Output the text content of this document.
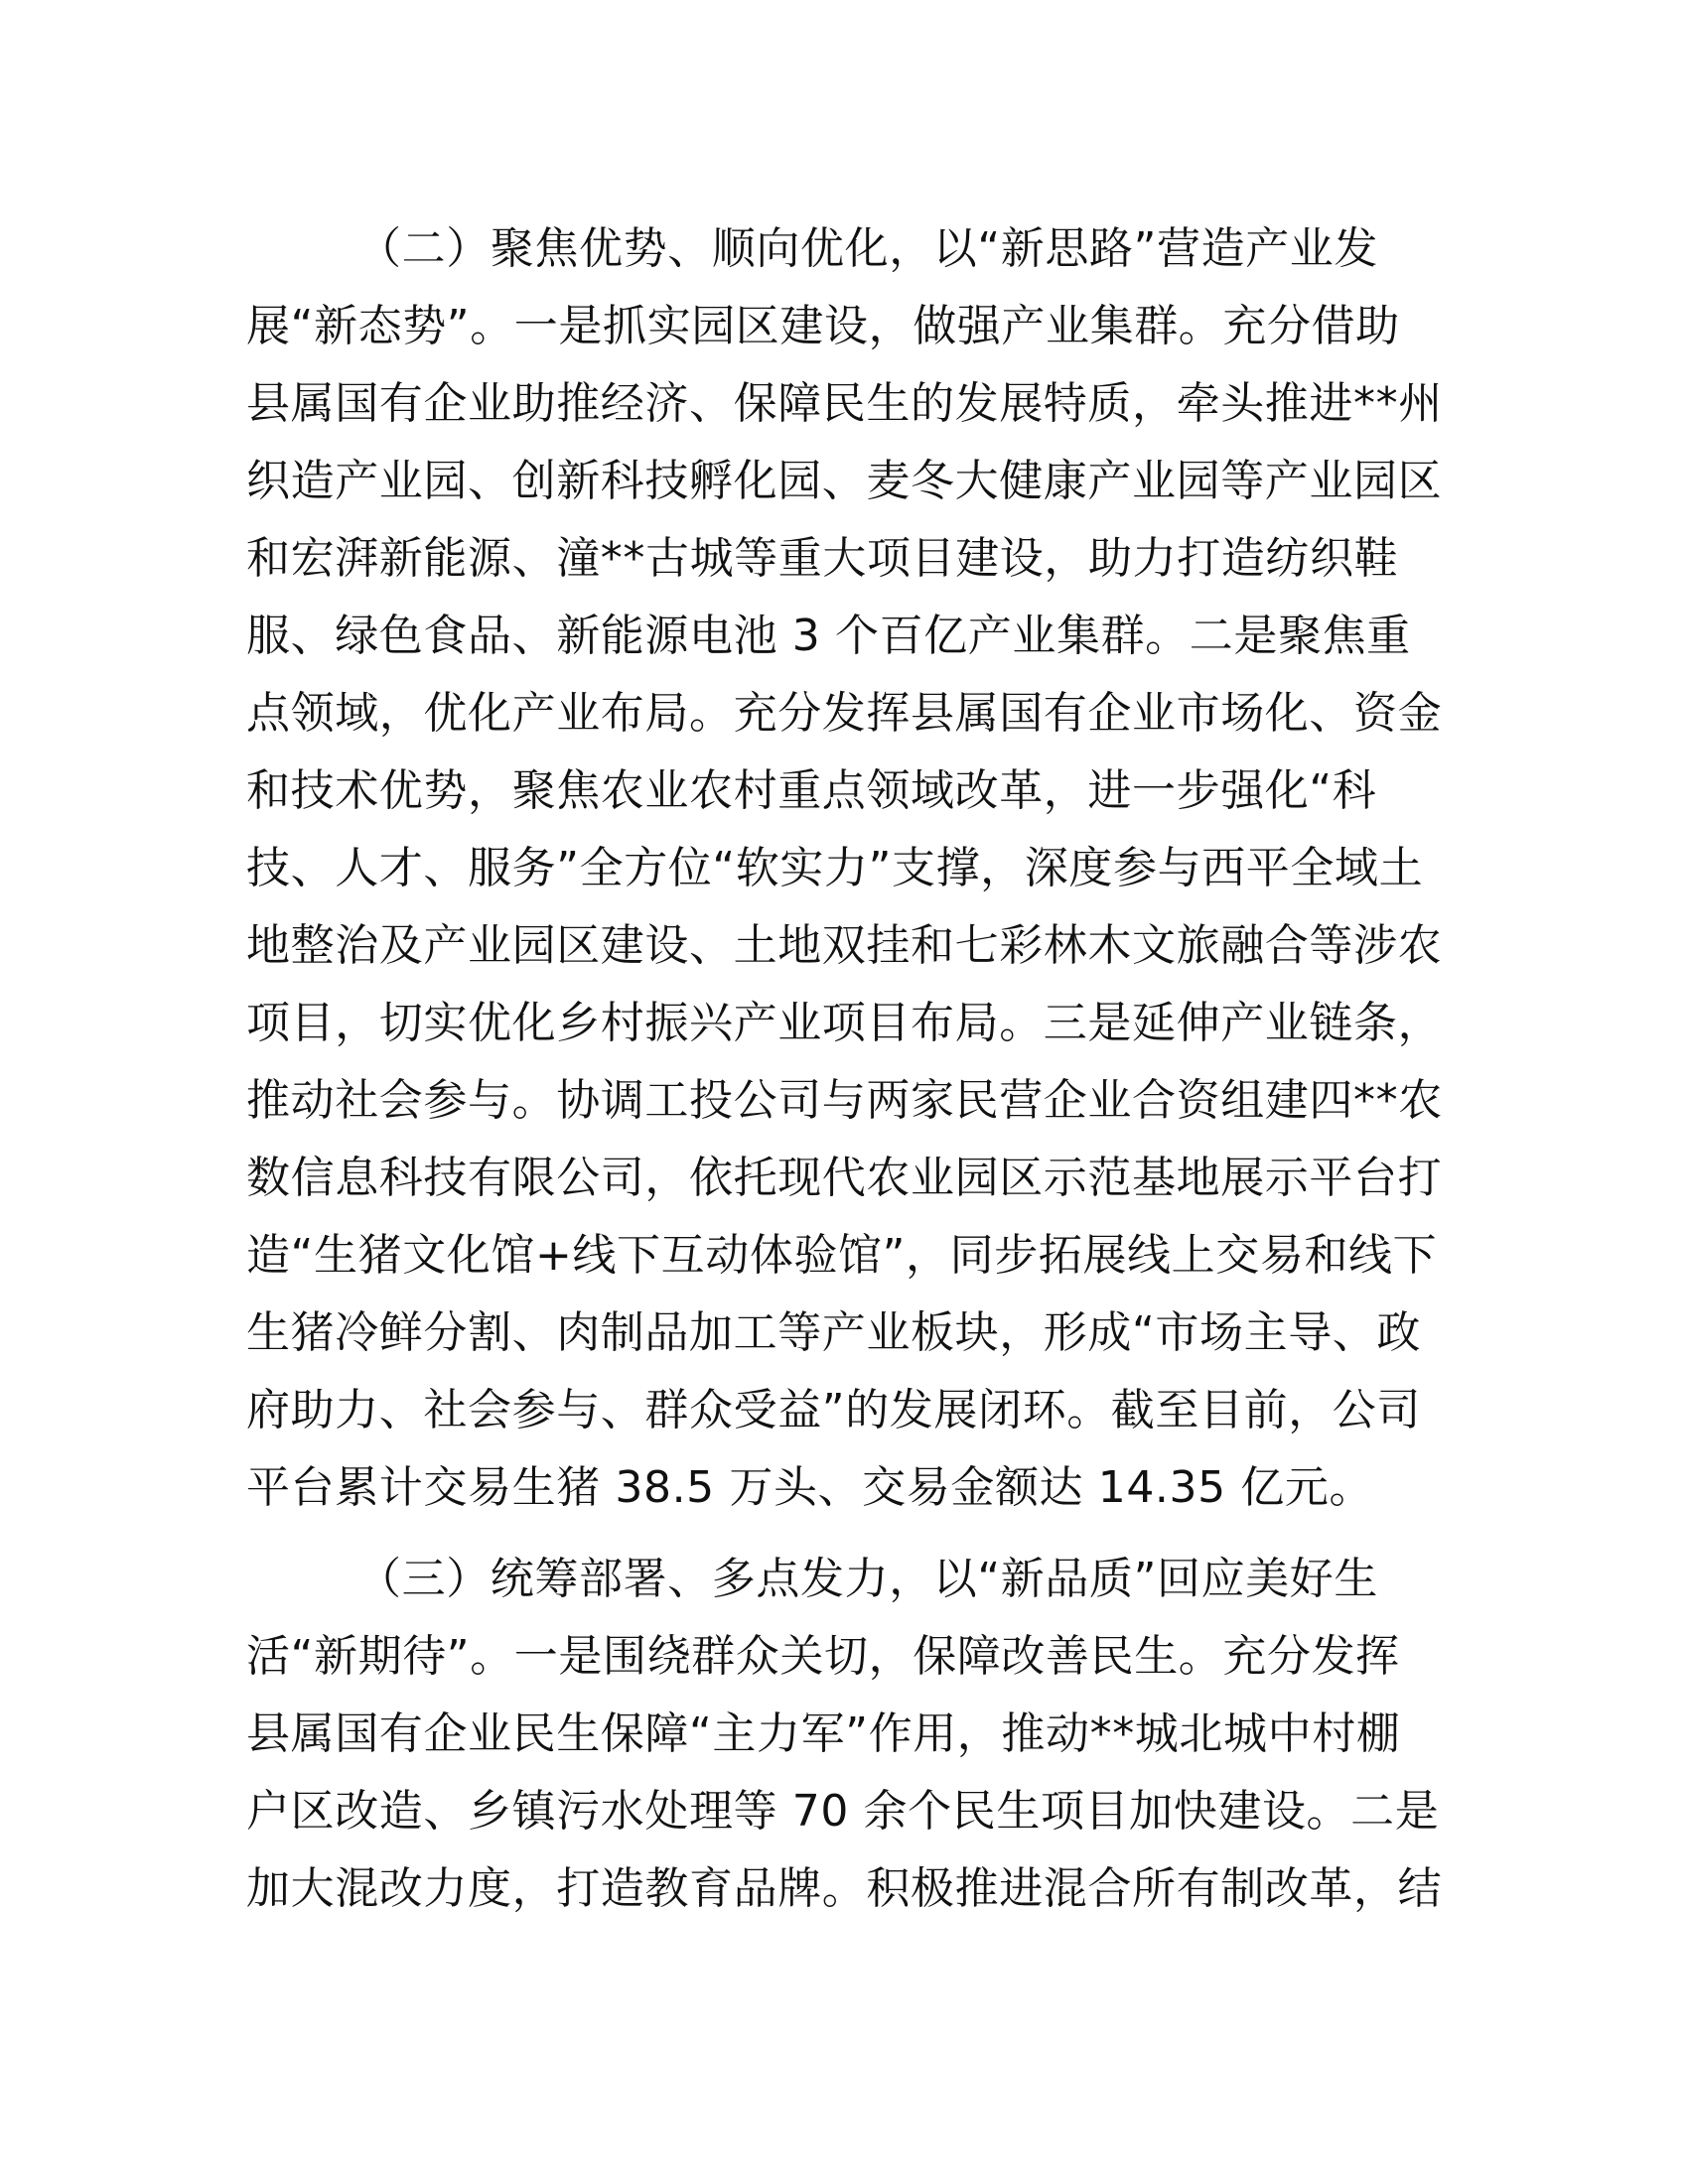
（二）聚焦优势、顺向优化，以“新思路”营造产业发
展“新态势”。一是抓实园区建设，做强产业集群。充分借助
县属国有企业助推经济、保障民生的发展特质，牵头推进**州
织造产业园、创新科技孵化园、麦冬大健康产业园等产业园区
和宏湃新能源、潼**古城等重大项目建设，助力打造纺织鞋
服、绿色食品、新能源电池 3 个百亿产业集群。二是聚焦重
点领域，优化产业布局。充分发挥县属国有企业市场化、资金
和技术优势，聚焦农业农村重点领域改革，进一步强化“科
技、人才、服务”全方位“软实力”支撑，深度参与西平全域土
地整治及产业园区建设、土地双挂和七彩林木文旅融合等涉农
项目，切实优化乡村振兴产业项目布局。三是延伸产业链条，
推动社会参与。协调工投公司与两家民营企业合资组建四**农
数信息科技有限公司，依托现代农业园区示范基地展示平台打
造“生猪文化馆+线下互动体验馆”，同步拓展线上交易和线下
生猪冷鲜分割、肉制品加工等产业板块，形成“市场主导、政
府助力、社会参与、群众受益”的发展闭环。截至目前，公司
平台累计交易生猪 38.5 万头、交易金额达 14.35 亿元。
（三）统筹部署、多点发力，以“新品质”回应美好生
活“新期待”。一是围绕群众关切，保障改善民生。充分发挥
县属国有企业民生保障“主力军”作用，推动**城北城中村棚
户区改造、乡镇污水处理等 70 余个民生项目加快建设。二是
加大混改力度，打造教育品牌。积极推进混合所有制改革，结
